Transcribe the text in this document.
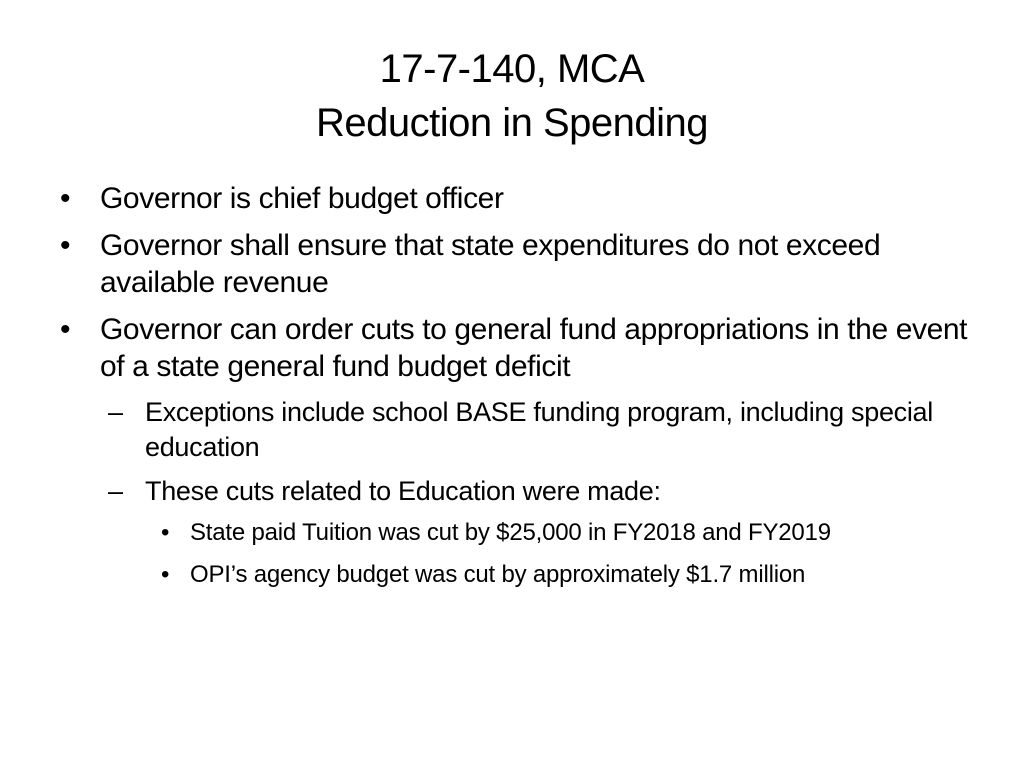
17-7-140, MCA
Reduction in Spending
• Governor is chief budget officer
• Governor shall ensure that state expenditures do not exceed available revenue
• Governor can order cuts to general fund appropriations in the event of a state general fund budget deficit
– Exceptions include school BASE funding program, including special education
– These cuts related to Education were made:
• State paid Tuition was cut by $25,000 in FY2018 and FY2019
• OPI’s agency budget was cut by approximately $1.7 million
